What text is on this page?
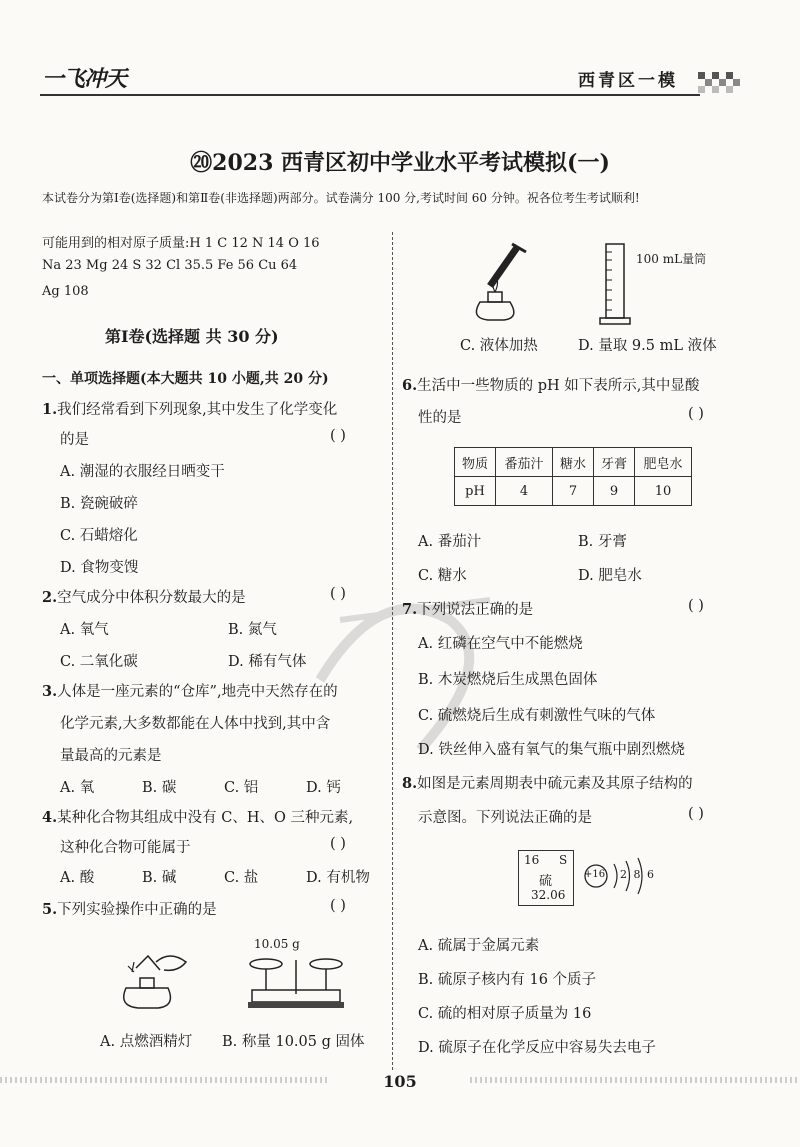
一飞冲天	西青区一模
⑳2023 西青区初中学业水平考试模拟(一)
本试卷分为第Ⅰ卷(选择题)和第Ⅱ卷(非选择题)两部分。试卷满分 100 分,考试时间 60 分钟。祝各位考生考试顺利!
可能用到的相对原子质量:H 1 C 12 N 14 O 16
Na 23 Mg 24 S 32 Cl 35.5 Fe 56 Cu 64
Ag 108
第Ⅰ卷(选择题 共 30 分)
一、单项选择题(本大题共 10 小题,共 20 分)
1.我们经常看到下列现象,其中发生了化学变化
的是	( )
A. 潮湿的衣服经日晒变干
B. 瓷碗破碎
C. 石蜡熔化
D. 食物变馊
2.空气成分中体积分数最大的是	( )
A. 氧气	B. 氮气
C. 二氧化碳	D. 稀有气体
3.人体是一座元素的“仓库”,地壳中天然存在的
化学元素,大多数都能在人体中找到,其中含
量最高的元素是
A. 氧	B. 碳	C. 铝	D. 钙
4.某种化合物其组成中没有 C、H、O 三种元素,
这种化合物可能属于	( )
A. 酸	B. 碱	C. 盐	D. 有机物
5.下列实验操作中正确的是	( )
10.05 g
A. 点燃酒精灯 B. 称量 10.05 g 固体
100 mL量筒
C. 液体加热	D. 量取 9.5 mL 液体
6.生活中一些物质的 pH 如下表所示,其中显酸
性的是	( )
物质	番茄汁	糖水	牙膏	肥皂水
pH	4	7	9	10
A. 番茄汁	B. 牙膏
C. 糖水	D. 肥皂水
7.下列说法正确的是	( )
A. 红磷在空气中不能燃烧
B. 木炭燃烧后生成黑色固体
C. 硫燃烧后生成有刺激性气味的气体
D. 铁丝伸入盛有氧气的集气瓶中剧烈燃烧
8.如图是元素周期表中硫元素及其原子结构的
示意图。下列说法正确的是	( )
16 S
硫
32.06
+16 2 8 6
A. 硫属于金属元素
B. 硫原子核内有 16 个质子
C. 硫的相对原子质量为 16
D. 硫原子在化学反应中容易失去电子
105
